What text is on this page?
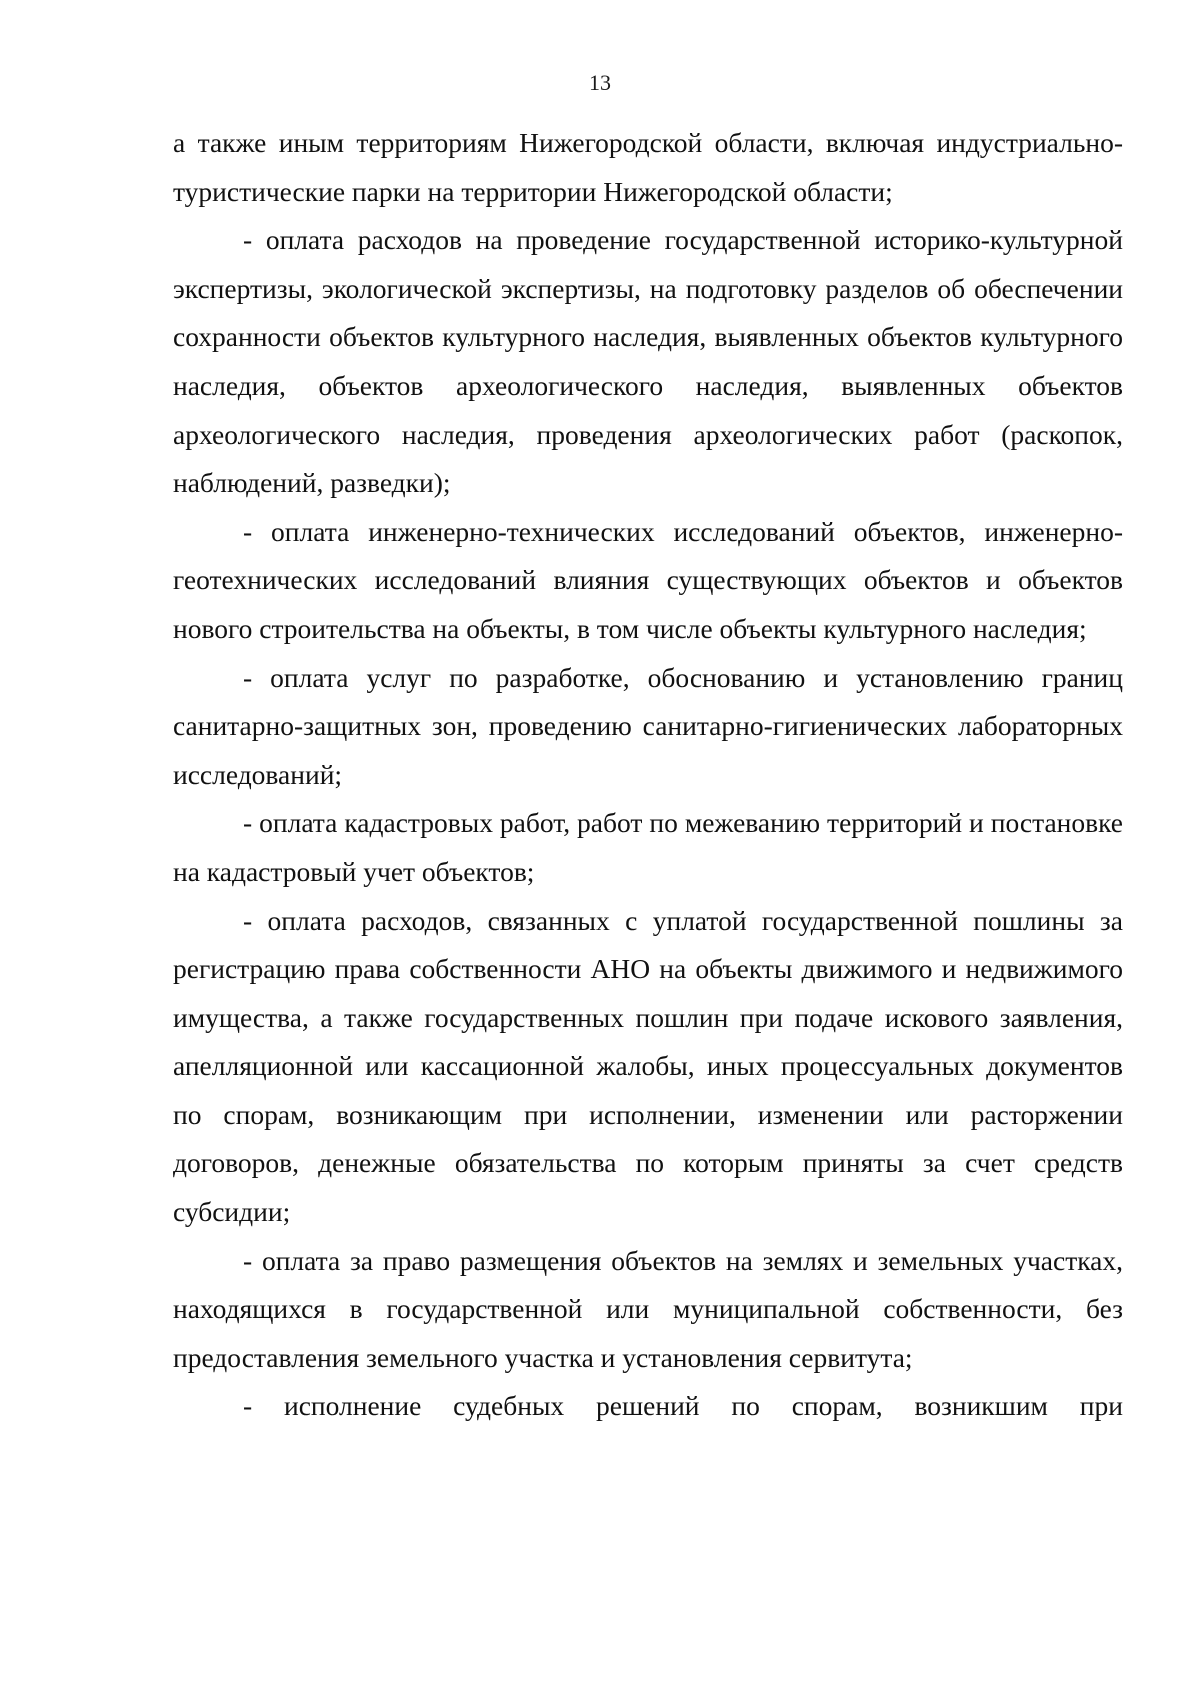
13

а также иным территориям Нижегородской области, включая индустриально-туристические парки на территории Нижегородской области;

- оплата расходов на проведение государственной историко-культурной экспертизы, экологической экспертизы, на подготовку разделов об обеспечении сохранности объектов культурного наследия, выявленных объектов культурного наследия, объектов археологического наследия, выявленных объектов археологического наследия, проведения археологических работ (раскопок, наблюдений, разведки);

- оплата инженерно-технических исследований объектов, инженерно-геотехнических исследований влияния существующих объектов и объектов нового строительства на объекты, в том числе объекты культурного наследия;

- оплата услуг по разработке, обоснованию и установлению границ санитарно-защитных зон, проведению санитарно-гигиенических лабораторных исследований;

- оплата кадастровых работ, работ по межеванию территорий и постановке на кадастровый учет объектов;

- оплата расходов, связанных с уплатой государственной пошлины за регистрацию права собственности АНО на объекты движимого и недвижимого имущества, а также государственных пошлин при подаче искового заявления, апелляционной или кассационной жалобы, иных процессуальных документов по спорам, возникающим при исполнении, изменении или расторжении договоров, денежные обязательства по которым приняты за счет средств субсидии;

- оплата за право размещения объектов на землях и земельных участках, находящихся в государственной или муниципальной собственности, без предоставления земельного участка и установления сервитута;

- исполнение судебных решений по спорам, возникшим при
